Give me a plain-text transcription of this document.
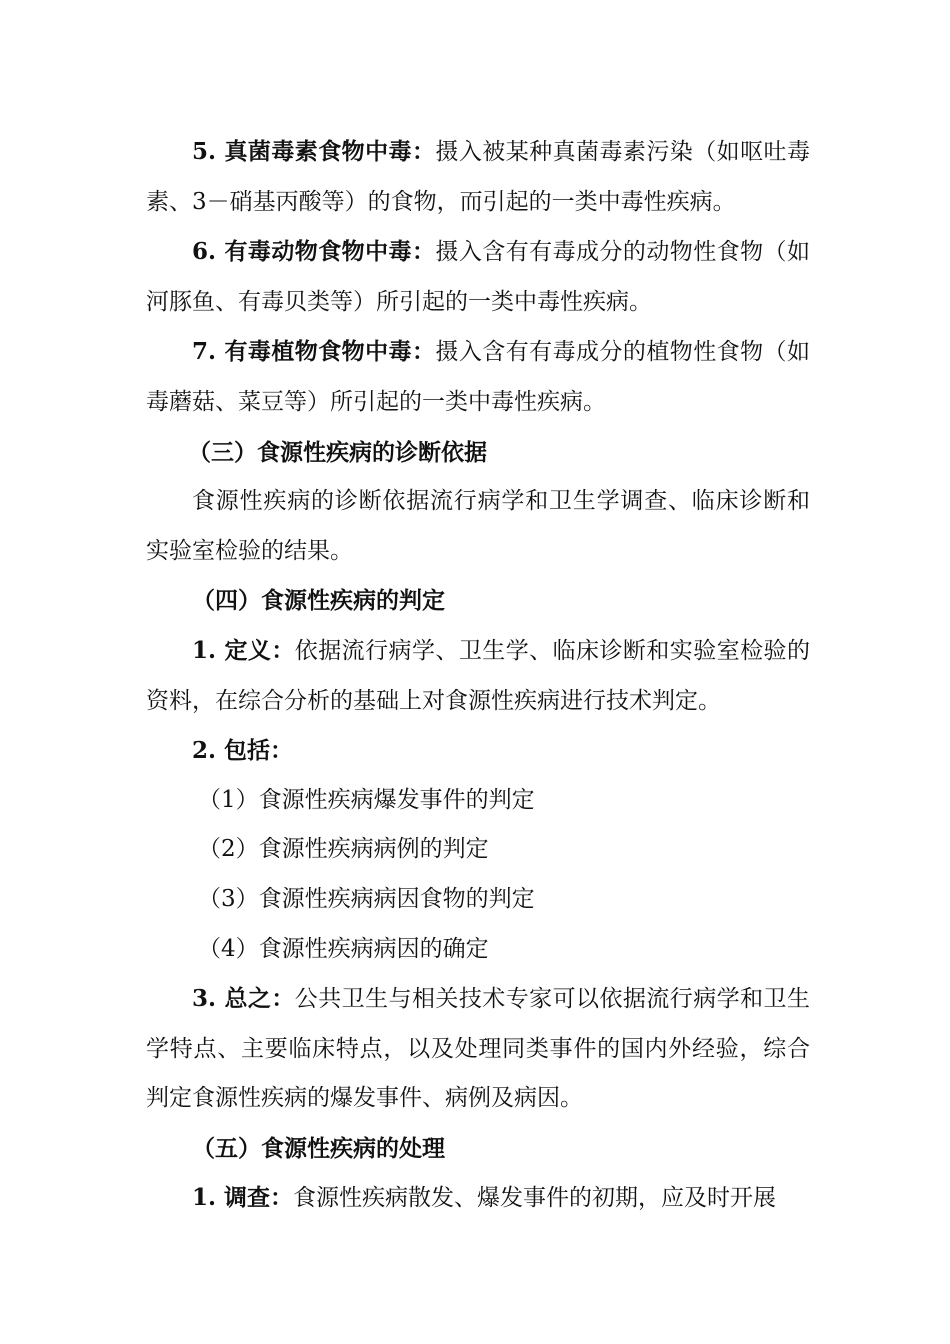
5. 真菌毒素食物中毒：摄入被某种真菌毒素污染（如呕吐毒素、3－硝基丙酸等）的食物，而引起的一类中毒性疾病。

6. 有毒动物食物中毒：摄入含有有毒成分的动物性食物（如河豚鱼、有毒贝类等）所引起的一类中毒性疾病。

7. 有毒植物食物中毒：摄入含有有毒成分的植物性食物（如毒蘑菇、菜豆等）所引起的一类中毒性疾病。

（三）食源性疾病的诊断依据

食源性疾病的诊断依据流行病学和卫生学调查、临床诊断和实验室检验的结果。

（四）食源性疾病的判定

1. 定义：依据流行病学、卫生学、临床诊断和实验室检验的资料，在综合分析的基础上对食源性疾病进行技术判定。

2. 包括：

（1）食源性疾病爆发事件的判定

（2）食源性疾病病例的判定

（3）食源性疾病病因食物的判定

（4）食源性疾病病因的确定

3. 总之：公共卫生与相关技术专家可以依据流行病学和卫生学特点、主要临床特点，以及处理同类事件的国内外经验，综合判定食源性疾病的爆发事件、病例及病因。

（五）食源性疾病的处理

1. 调查：食源性疾病散发、爆发事件的初期，应及时开展
